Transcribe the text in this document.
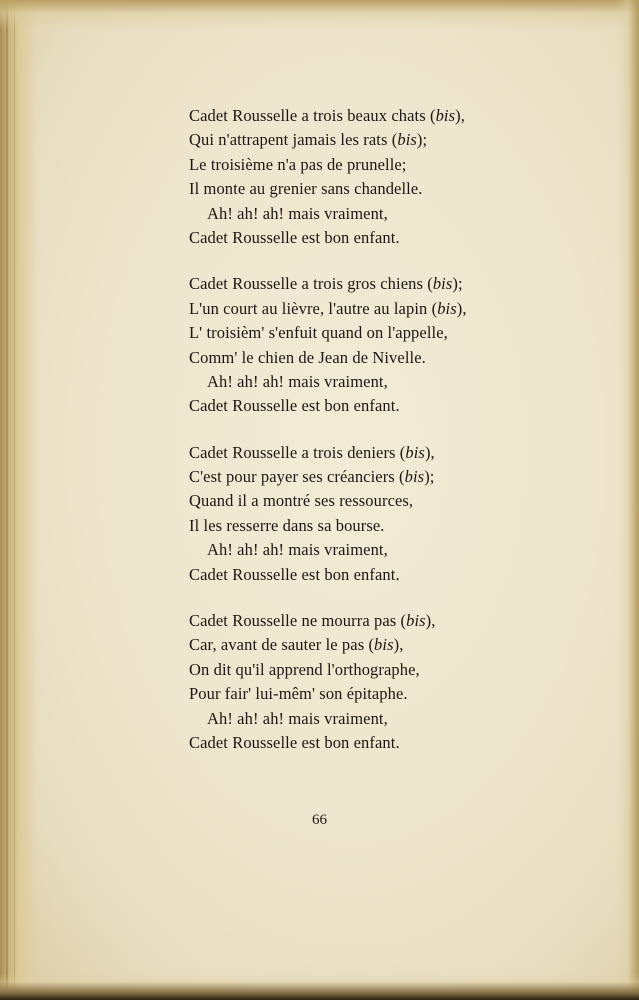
Cadet Rousselle a trois beaux chats (bis),
Qui n'attrapent jamais les rats (bis);
Le troisième n'a pas de prunelle;
Il monte au grenier sans chandelle.
Ah! ah! ah! mais vraiment,
Cadet Rousselle est bon enfant.
Cadet Rousselle a trois gros chiens (bis);
L'un court au lièvre, l'autre au lapin (bis),
L' troisièm' s'enfuit quand on l'appelle,
Comm' le chien de Jean de Nivelle.
Ah! ah! ah! mais vraiment,
Cadet Rousselle est bon enfant.
Cadet Rousselle a trois deniers (bis),
C'est pour payer ses créanciers (bis);
Quand il a montré ses ressources,
Il les resserre dans sa bourse.
Ah! ah! ah! mais vraiment,
Cadet Rousselle est bon enfant.
Cadet Rousselle ne mourra pas (bis),
Car, avant de sauter le pas (bis),
On dit qu'il apprend l'orthographe,
Pour fair' lui-mêm' son épitaphe.
Ah! ah! ah! mais vraiment,
Cadet Rousselle est bon enfant.
66
